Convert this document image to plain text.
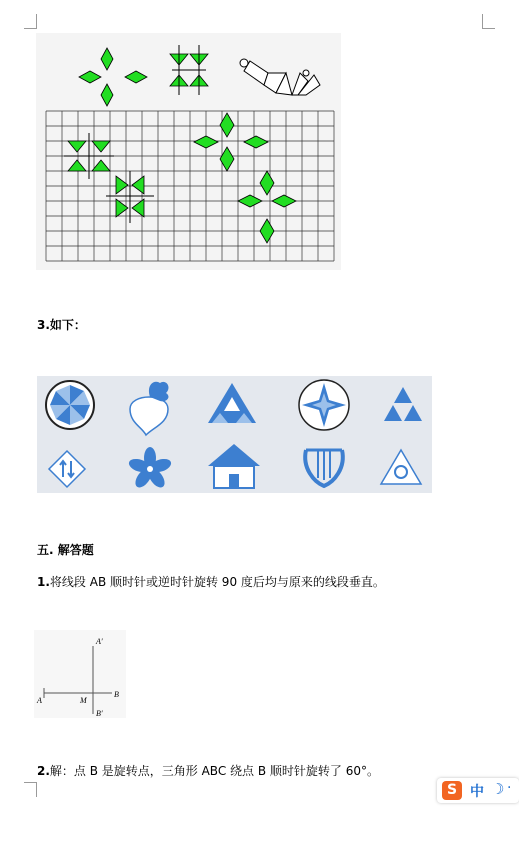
3.如下：
五. 解答题
1.将线段 AB 顺时针或逆时针旋转 90 度后均与原来的线段垂直。
A′
A	M
B
B′
2.解：点 B 是旋转点，三角形 ABC 绕点 B 顺时针旋转了 60°。
S 中 ☽ ·
